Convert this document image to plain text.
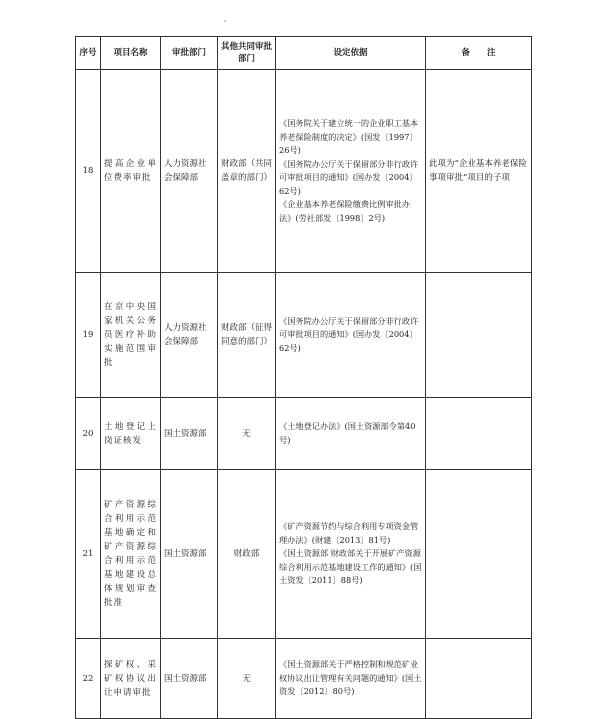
序号	项目名称	审批部门	其他共同审批部门	设定依据	备　　注
18	提高企业单位费率审批	人力资源社会保障部	财政部（共同盖章的部门）	《国务院关于建立统一的企业职工基本养老保险制度的决定》(国发〔1997〕26号)
《国务院办公厅关于保留部分非行政许可审批项目的通知》(国办发〔2004〕62号)
《企业基本养老保险缴费比例审批办法》(劳社部发〔1998〕2号)	此项为“企业基本养老保险事项审批”项目的子项
19	在京中央国家机关公务员医疗补助实施范围审批	人力资源社会保障部	财政部（征得同意的部门）	《国务院办公厅关于保留部分非行政许可审批项目的通知》(国办发〔2004〕62号)	

20	土地登记上岗证核发	国土资源部	无	《土地登记办法》(国土资源部令第40号)	

21	矿产资源综合利用示范基地确定和矿产资源综合利用示范基地建设总体规划审查批准	国土资源部	财政部	《矿产资源节约与综合利用专项资金管理办法》(财建〔2013〕81号)
《国土资源部 财政部关于开展矿产资源综合利用示范基地建设工作的通知》(国土资发〔2011〕88号)	

22	探矿权、采矿权协议出让申请审批	国土资源部	无	《国土资源部关于严格控制和规范矿业权协议出让管理有关问题的通知》(国土资发〔2012〕80号)	
